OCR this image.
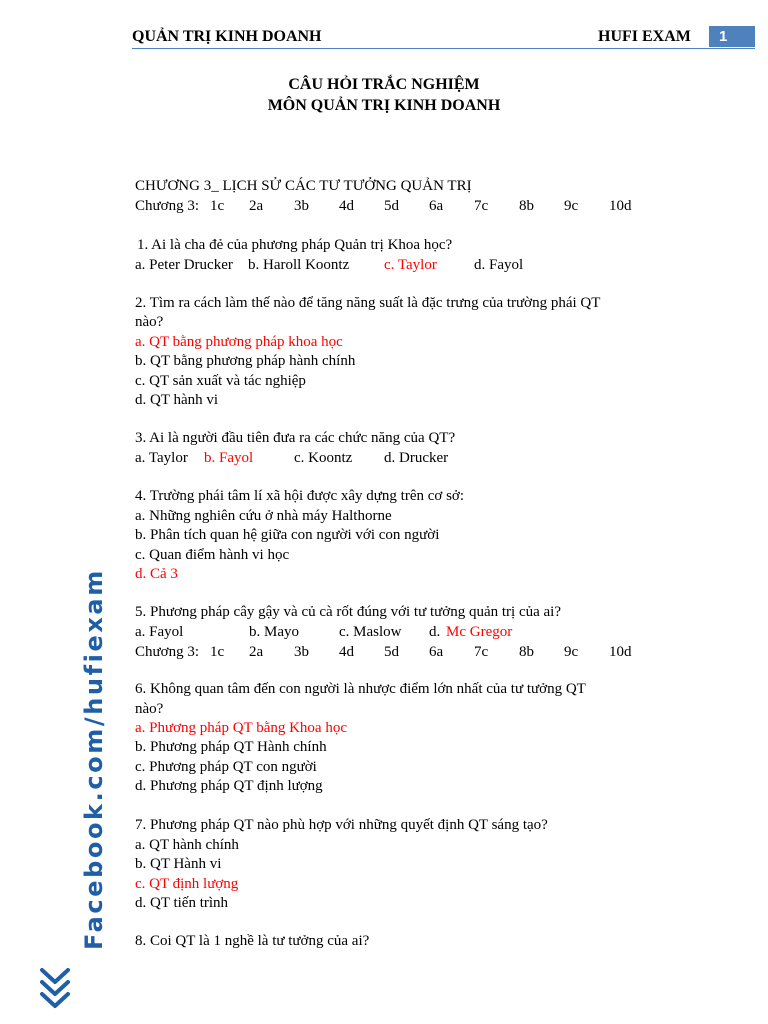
QUẢN TRỊ KINH DOANH	HUFI EXAM	1
CÂU HỎI TRẮC NGHIỆM
MÔN QUẢN TRỊ KINH DOANH
CHƯƠNG 3_ LỊCH SỬ CÁC TƯ TƯỞNG QUẢN TRỊ
Chương 3: 1c 2a 3b 4d 5d 6a 7c 8b 9c 10d
1. Ai là cha đẻ của phương pháp Quản trị Khoa học?
a. Peter Drucker b. Haroll Koontz c. Taylor d. Fayol
2. Tìm ra cách làm thế nào để tăng năng suất là đặc trưng của trường phái QT
nào?
a. QT bằng phương pháp khoa học
b. QT bằng phương pháp hành chính
c. QT sản xuất và tác nghiệp
d. QT hành vi
3. Ai là người đầu tiên đưa ra các chức năng của QT?
a. Taylor b. Fayol	c. Koontz d. Drucker
4. Trường phái tâm lí xã hội được xây dựng trên cơ sở:
a. Những nghiên cứu ở nhà máy Halthorne
b. Phân tích quan hệ giữa con người với con người
c. Quan điểm hành vi học
d. Cả 3
5. Phương pháp cây gậy và củ cà rốt đúng với tư tưởng quản trị của ai?
a. Fayol	b. Mayo	c. Maslow d. Mc Gregor
Chương 3: 1c 2a 3b 4d 5d 6a 7c 8b 9c 10d
6. Không quan tâm đến con người là nhược điểm lớn nhất của tư tưởng QT
nào?
a. Phương pháp QT bằng Khoa học
b. Phương pháp QT Hành chính
c. Phương pháp QT con người
d. Phương pháp QT định lượng
7. Phương pháp QT nào phù hợp với những quyết định QT sáng tạo?
a. QT hành chính
b. QT Hành vi
c. QT định lượng
d. QT tiến trình
8. Coi QT là 1 nghề là tư tưởng của ai?
Facebook.com/hufiexam
